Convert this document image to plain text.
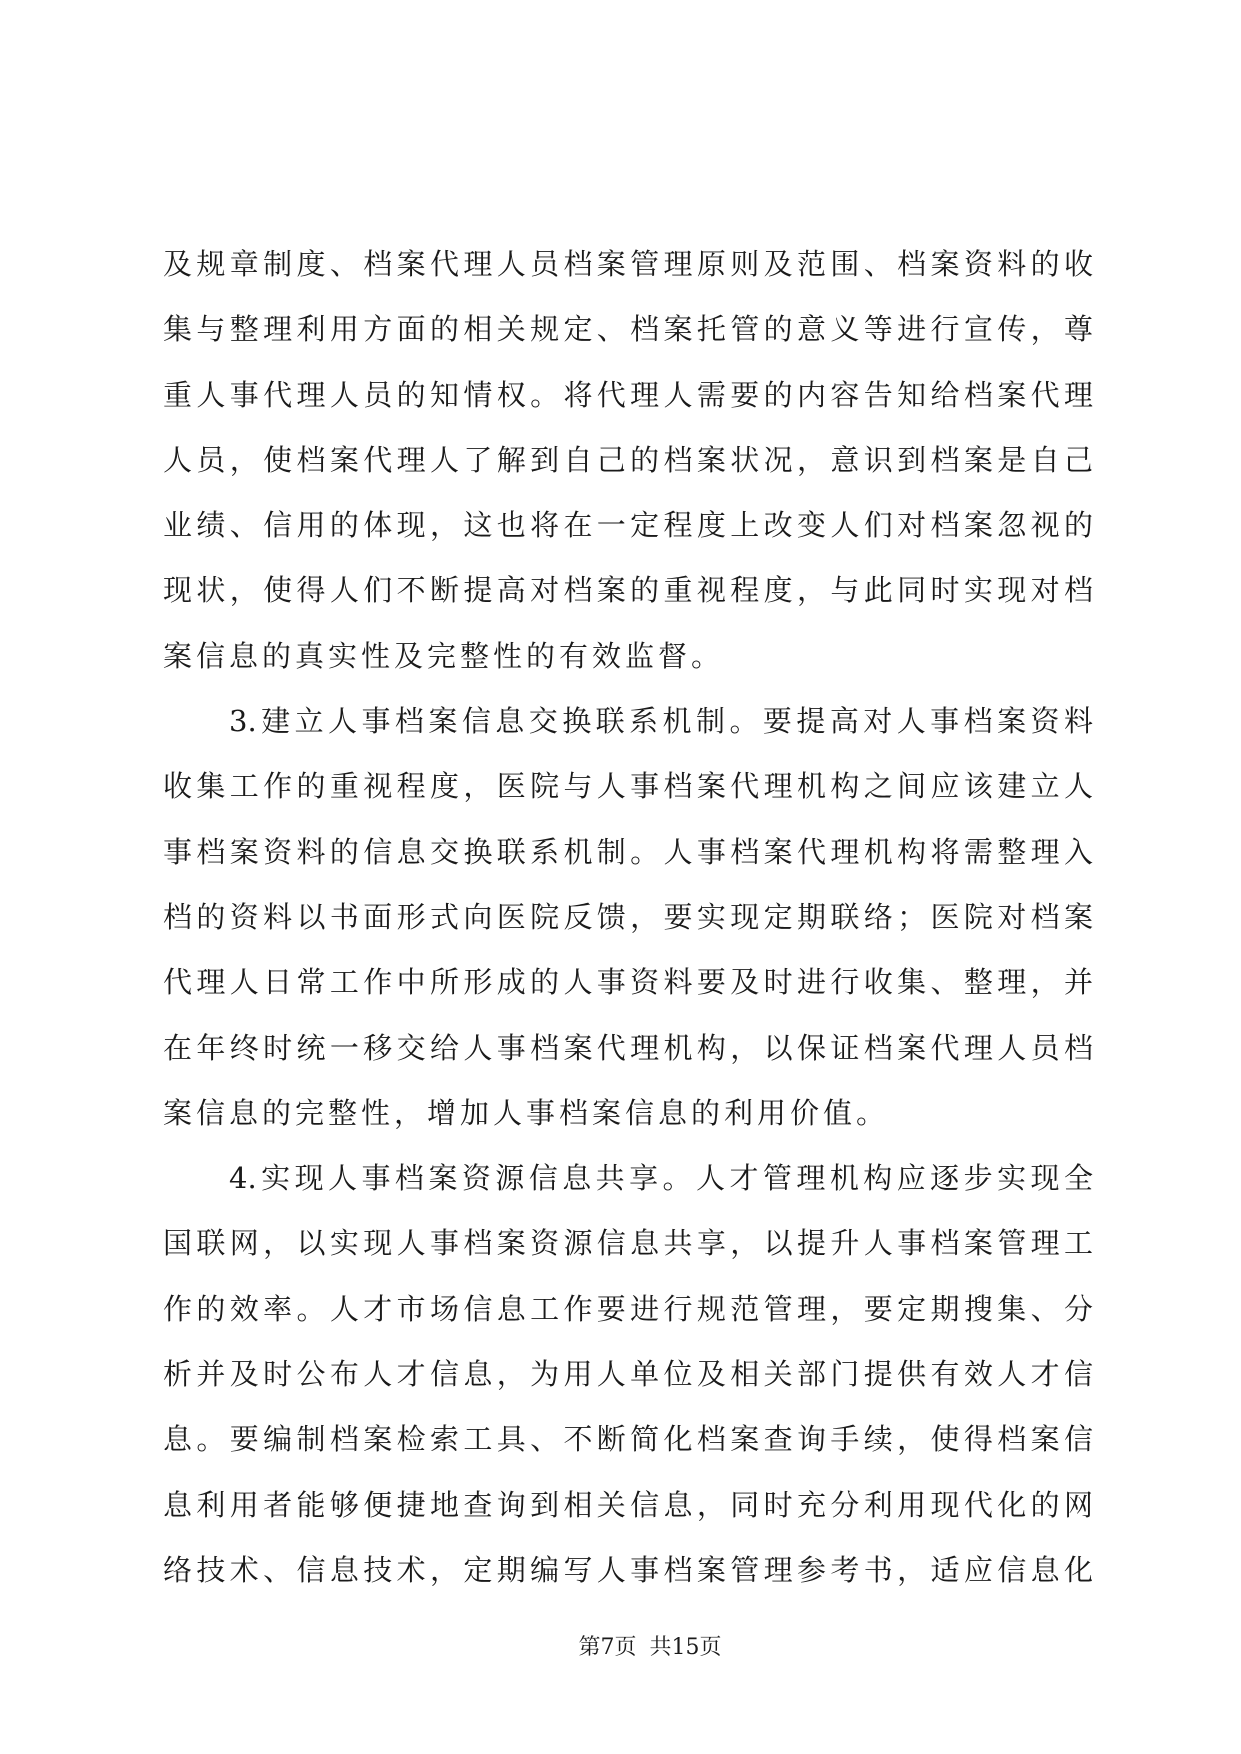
及规章制度、档案代理人员档案管理原则及范围、档案资料的收
集与整理利用方面的相关规定、档案托管的意义等进行宣传，尊
重人事代理人员的知情权。将代理人需要的内容告知给档案代理
人员，使档案代理人了解到自己的档案状况，意识到档案是自己
业绩、信用的体现，这也将在一定程度上改变人们对档案忽视的
现状，使得人们不断提高对档案的重视程度，与此同时实现对档
案信息的真实性及完整性的有效监督。
3.建立人事档案信息交换联系机制。要提高对人事档案资料
收集工作的重视程度，医院与人事档案代理机构之间应该建立人
事档案资料的信息交换联系机制。人事档案代理机构将需整理入
档的资料以书面形式向医院反馈，要实现定期联络；医院对档案
代理人日常工作中所形成的人事资料要及时进行收集、整理，并
在年终时统一移交给人事档案代理机构，以保证档案代理人员档
案信息的完整性，增加人事档案信息的利用价值。
4.实现人事档案资源信息共享。人才管理机构应逐步实现全
国联网，以实现人事档案资源信息共享，以提升人事档案管理工
作的效率。人才市场信息工作要进行规范管理，要定期搜集、分
析并及时公布人才信息，为用人单位及相关部门提供有效人才信
息。要编制档案检索工具、不断简化档案查询手续，使得档案信
息利用者能够便捷地查询到相关信息，同时充分利用现代化的网
络技术、信息技术，定期编写人事档案管理参考书，适应信息化
第7页 共15页
